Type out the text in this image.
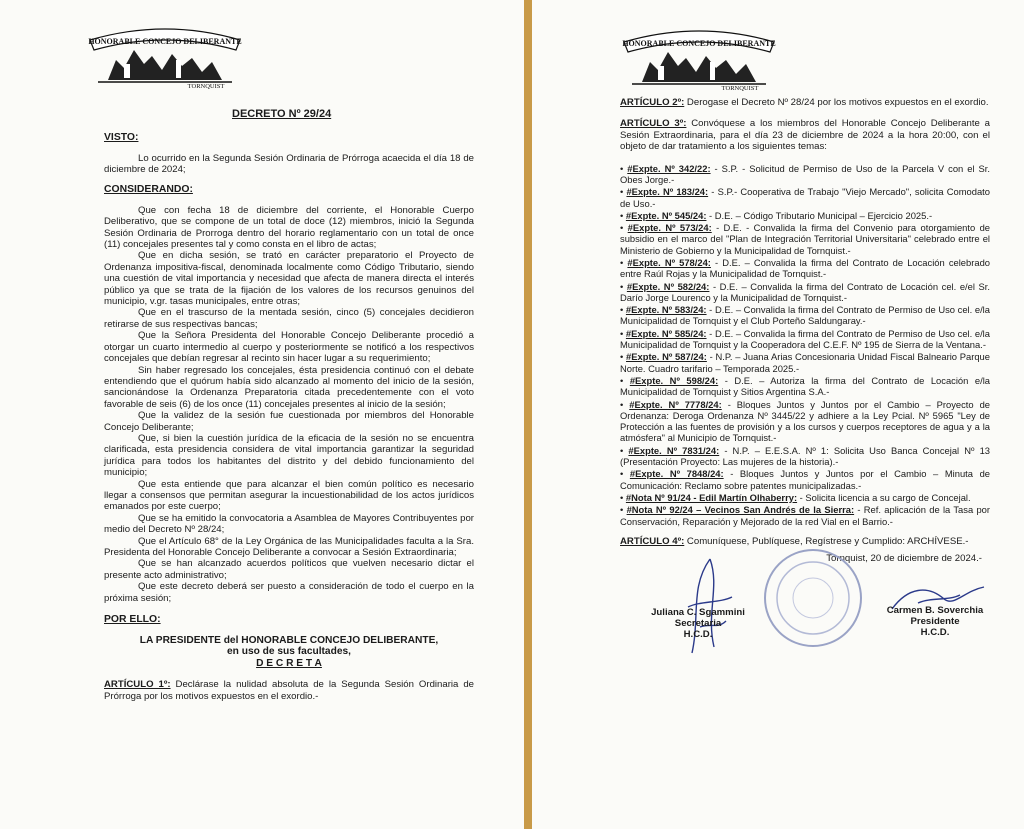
HONORABLE CONCEJO DELIBERANTE
TORNQUIST
DECRETO Nº 29/24

VISTO:

Lo ocurrido en la Segunda Sesión Ordinaria de Prórroga acaecida el día 18 de diciembre de 2024;

CONSIDERANDO:

Que con fecha 18 de diciembre del corriente, el Honorable Cuerpo Deliberativo, que se compone de un total de doce (12) miembros, inició la Segunda Sesión Ordinaria de Prorroga dentro del horario reglamentario con un total de once (11) concejales presentes tal y como consta en el libro de actas;

Que en dicha sesión, se trató en carácter preparatorio el Proyecto de Ordenanza impositiva-fiscal, denominada localmente como Código Tributario, siendo una cuestión de vital importancia y necesidad que afecta de manera directa el interés público ya que se trata de la fijación de los valores de los recursos genuinos del municipio, v.gr. tasas municipales, entre otras;

Que en el trascurso de la mentada sesión, cinco (5) concejales decidieron retirarse de sus respectivas bancas;

Que la Señora Presidenta del Honorable Concejo Deliberante procedió a otorgar un cuarto intermedio al cuerpo y posteriormente se notificó a los respectivos concejales que debían regresar al recinto sin hacer lugar a su requerimiento;

Sin haber regresado los concejales, ésta presidencia continuó con el debate entendiendo que el quórum había sido alcanzado al momento del inicio de la sesión, sancionándose la Ordenanza Preparatoria citada precedentemente con el voto favorable de seis (6) de los once (11) concejales presentes al inicio de la sesión;

Que la validez de la sesión fue cuestionada por miembros del Honorable Concejo Deliberante;

Que, si bien la cuestión jurídica de la eficacia de la sesión no se encuentra clarificada, esta presidencia considera de vital importancia garantizar la seguridad jurídica para todos los habitantes del distrito y del debido funcionamiento del municipio;

Que esta entiende que para alcanzar el bien común político es necesario llegar a consensos que permitan asegurar la incuestionabilidad de los actos jurídicos emanados por este cuerpo;

Que se ha emitido la convocatoria a Asamblea de Mayores Contribuyentes por medio del Decreto Nº 28/24;

Que el Artículo 68° de la Ley Orgánica de las Municipalidades faculta a la Sra. Presidenta del Honorable Concejo Deliberante a convocar a Sesión Extraordinaria;

Que se han alcanzado acuerdos políticos que vuelven necesario dictar el presente acto administrativo;

Que este decreto deberá ser puesto a consideración de todo el cuerpo en la próxima sesión;

POR ELLO:

LA PRESIDENTE del HONORABLE CONCEJO DELIBERANTE,

en uso de sus facultades,

D E C R E T A

ARTÍCULO 1º: Declárase la nulidad absoluta de la Segunda Sesión Ordinaria de Prórroga por los motivos expuestos en el exordio.-

HONORABLE CONCEJO DELIBERANTE
TORNQUIST

ARTÍCULO 2º: Derogase el Decreto Nº 28/24 por los motivos expuestos en el exordio.

ARTÍCULO 3º: Convóquese a los miembros del Honorable Concejo Deliberante a Sesión Extraordinaria, para el día 23 de diciembre de 2024 a la hora 20:00, con el objeto de dar tratamiento a los siguientes temas:

• #Expte. Nº 342/22: - S.P. - Solicitud de Permiso de Uso de la Parcela V con el Sr. Obes Jorge.-

• #Expte. Nº 183/24: - S.P.- Cooperativa de Trabajo "Viejo Mercado", solicita Comodato de Uso.-

• #Expte. Nº 545/24: - D.E. – Código Tributario Municipal – Ejercicio 2025.-

• #Expte. Nº 573/24: - D.E. - Convalida la firma del Convenio para otorgamiento de subsidio en el marco del "Plan de Integración Territorial Universitaria" celebrado entre el Ministerio de Gobierno y la Municipalidad de Tornquist.-

• #Expte. Nº 578/24: - D.E. – Convalida la firma del Contrato de Locación celebrado entre Raúl Rojas y la Municipalidad de Tornquist.-

• #Expte. Nº 582/24: - D.E. – Convalida la firma del Contrato de Locación cel. e/el Sr. Darío Jorge Lourenco y la Municipalidad de Tornquist.-

• #Expte. Nº 583/24: - D.E. – Convalida la firma del Contrato de Permiso de Uso cel. e/la Municipalidad de Tornquist y el Club Porteño Saldungaray.-

• #Expte. Nº 585/24: - D.E. – Convalida la firma del Contrato de Permiso de Uso cel. e/la Municipalidad de Tornquist y la Cooperadora del C.E.F. Nº 195 de Sierra de la Ventana.-

• #Expte. Nº 587/24: - N.P. – Juana Arias Concesionaria Unidad Fiscal Balneario Parque Norte. Cuadro tarifario – Temporada 2025.-

• #Expte. Nº 598/24: - D.E. – Autoriza la firma del Contrato de Locación e/la Municipalidad de Tornquist y Sitios Argentina S.A.-

• #Expte. Nº 7778/24: - Bloques Juntos y Juntos por el Cambio – Proyecto de Ordenanza: Deroga Ordenanza Nº 3445/22 y adhiere a la Ley Pcial. Nº 5965 "Ley de Protección a las fuentes de provisión y a los cursos y cuerpos receptores de agua y a la atmósfera" al Municipio de Tornquist.-

• #Expte. Nº 7831/24: - N.P. – E.E.S.A. Nº 1: Solicita Uso Banca Concejal Nº 13 (Presentación Proyecto: Las mujeres de la historia).-

• #Expte. Nº 7848/24: - Bloques Juntos y Juntos por el Cambio – Minuta de Comunicación: Reclamo sobre patentes municipalizadas.-

• #Nota Nº 91/24 - Edil Martín Olhaberry: - Solicita licencia a su cargo de Concejal.

• #Nota Nº 92/24 – Vecinos San Andrés de la Sierra: - Ref. aplicación de la Tasa por Conservación, Reparación y Mejorado de la red Vial en el Barrio.-

ARTÍCULO 4º: Comuníquese, Publíquese, Regístrese y Cumplido: ARCHÍVESE.-

Tornquist, 20 de diciembre de 2024.-

Juliana C. Sgammini
Secretaria
H.C.D.
Carmen B. Soverchia
Presidente
H.C.D.
